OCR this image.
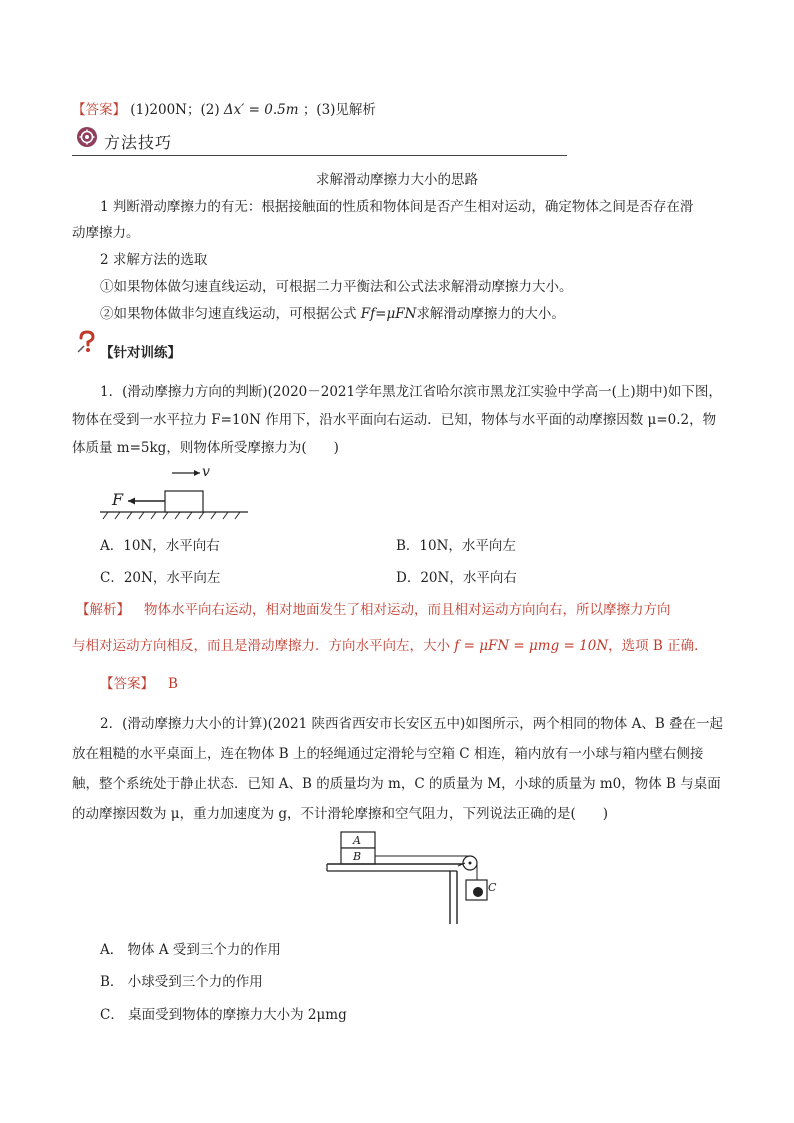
【答案】 (1)200N；(2) Δx′ = 0.5m ；(3)见解析
方法技巧
求解滑动摩擦力大小的思路
1 判断滑动摩擦力的有无：根据接触面的性质和物体间是否产生相对运动，确定物体之间是否存在滑
动摩擦力。
2 求解方法的选取
①如果物体做匀速直线运动，可根据二力平衡法和公式法求解滑动摩擦力大小。
②如果物体做非匀速直线运动，可根据公式 Ff=μFN求解滑动摩擦力的大小。
【针对训练】
1．(滑动摩擦力方向的判断)(2020－2021学年黑龙江省哈尔滨市黑龙江实验中学高一(上)期中)如下图，
物体在受到一水平拉力 F=10N 作用下，沿水平面向右运动．已知，物体与水平面的动摩擦因数 μ=0.2，物
体质量 m=5kg，则物体所受摩擦力为(　　)
F
v
A．10N，水平向右	B．10N，水平向左
C．20N，水平向左	D．20N，水平向右
【解析】 物体水平向右运动，相对地面发生了相对运动，而且相对运动方向向右，所以摩擦力方向
与相对运动方向相反，而且是滑动摩擦力．方向水平向左，大小 f = μFN = μmg = 10N，选项 B 正确．
【答案】 B
2．(滑动摩擦力大小的计算)(2021 陕西省西安市长安区五中)如图所示，两个相同的物体 A、B 叠在一起
放在粗糙的水平桌面上，连在物体 B 上的轻绳通过定滑轮与空箱 C 相连，箱内放有一小球与箱内壁右侧接
触，整个系统处于静止状态．已知 A、B 的质量均为 m，C 的质量为 M，小球的质量为 m0，物体 B 与桌面
的动摩擦因数为 μ，重力加速度为 g，不计滑轮摩擦和空气阻力，下列说法正确的是(　　)
A
B
C
A． 物体 A 受到三个力的作用
B． 小球受到三个力的作用
C． 桌面受到物体的摩擦力大小为 2μmg
